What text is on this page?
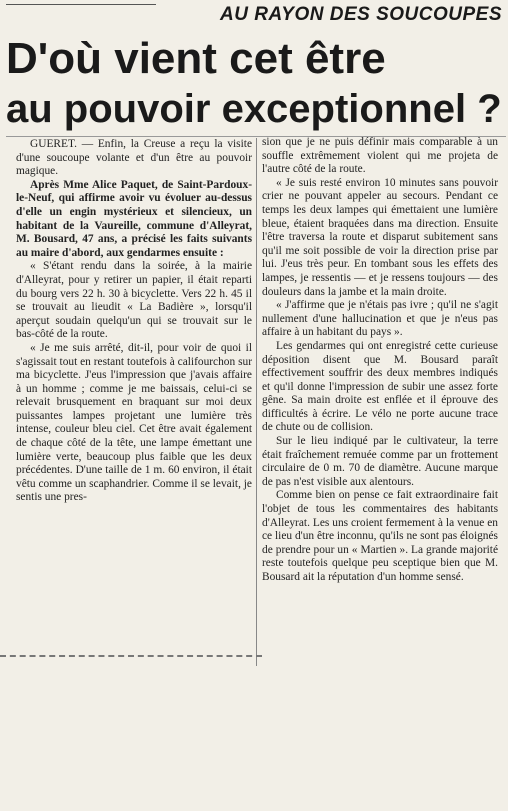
AU RAYON DES SOUCOUPES
D'où vient cet être
au pouvoir exceptionnel ?

GUERET. — Enfin, la Creuse a reçu la visite d'une soucoupe volante et d'un être au pouvoir magique.

Après Mme Alice Paquet, de Saint-Pardoux-le-Neuf, qui affirme avoir vu évoluer au-dessus d'elle un engin mystérieux et silencieux, un habitant de la Vaureille, commune d'Alleyrat, M. Bousard, 47 ans, a précisé les faits suivants au maire d'abord, aux gendarmes ensuite :

« S'étant rendu dans la soirée, à la mairie d'Alleyrat, pour y retirer un papier, il était reparti du bourg vers 22 h. 30 à bicyclette. Vers 22 h. 45 il se trouvait au lieudit « La Badière », lorsqu'il aperçut soudain quelqu'un qui se trouvait sur le bas-côté de la route.

« Je me suis arrêté, dit-il, pour voir de quoi il s'agissait tout en restant toutefois à califourchon sur ma bicyclette. J'eus l'impression que j'avais affaire à un homme ; comme je me baissais, celui-ci se relevait brusquement en braquant sur moi deux puissantes lampes projetant une lumière très intense, couleur bleu ciel. Cet être avait également de chaque côté de la tête, une lampe émettant une lumière verte, beaucoup plus faible que les deux précédentes. D'une taille de 1 m. 60 environ, il était vêtu comme un scaphandrier. Comme il se levait, je sentis une pres-

sion que je ne puis définir mais comparable à un souffle extrêmement violent qui me projeta de l'autre côté de la route.

« Je suis resté environ 10 minutes sans pouvoir crier ne pouvant appeler au secours. Pendant ce temps les deux lampes qui émettaient une lumière bleue, étaient braquées dans ma direction. Ensuite l'être traversa la route et disparut subitement sans qu'il me soit possible de voir la direction prise par lui. J'eus très peur. En tombant sous les effets des lampes, je ressentis — et je ressens toujours — des douleurs dans la jambe et la main droite.

« J'affirme que je n'étais pas ivre ; qu'il ne s'agit nullement d'une hallucination et que je n'eus pas affaire à un habitant du pays ».

Les gendarmes qui ont enregistré cette curieuse déposition disent que M. Bousard paraît effectivement souffrir des deux membres indiqués et qu'il donne l'impression de subir une assez forte gêne. Sa main droite est enflée et il éprouve des difficultés à écrire. Le vélo ne porte aucune trace de chute ou de collision.

Sur le lieu indiqué par le cultivateur, la terre était fraîchement remuée comme par un frottement circulaire de 0 m. 70 de diamètre. Aucune marque de pas n'est visible aux alentours.

Comme bien on pense ce fait extraordinaire fait l'objet de tous les commentaires des habitants d'Alleyrat. Les uns croient fermement à la venue en ce lieu d'un être inconnu, qu'ils ne sont pas éloignés de prendre pour un « Martien ». La grande majorité reste toutefois quelque peu sceptique bien que M. Bousard ait la réputation d'un homme sensé.
